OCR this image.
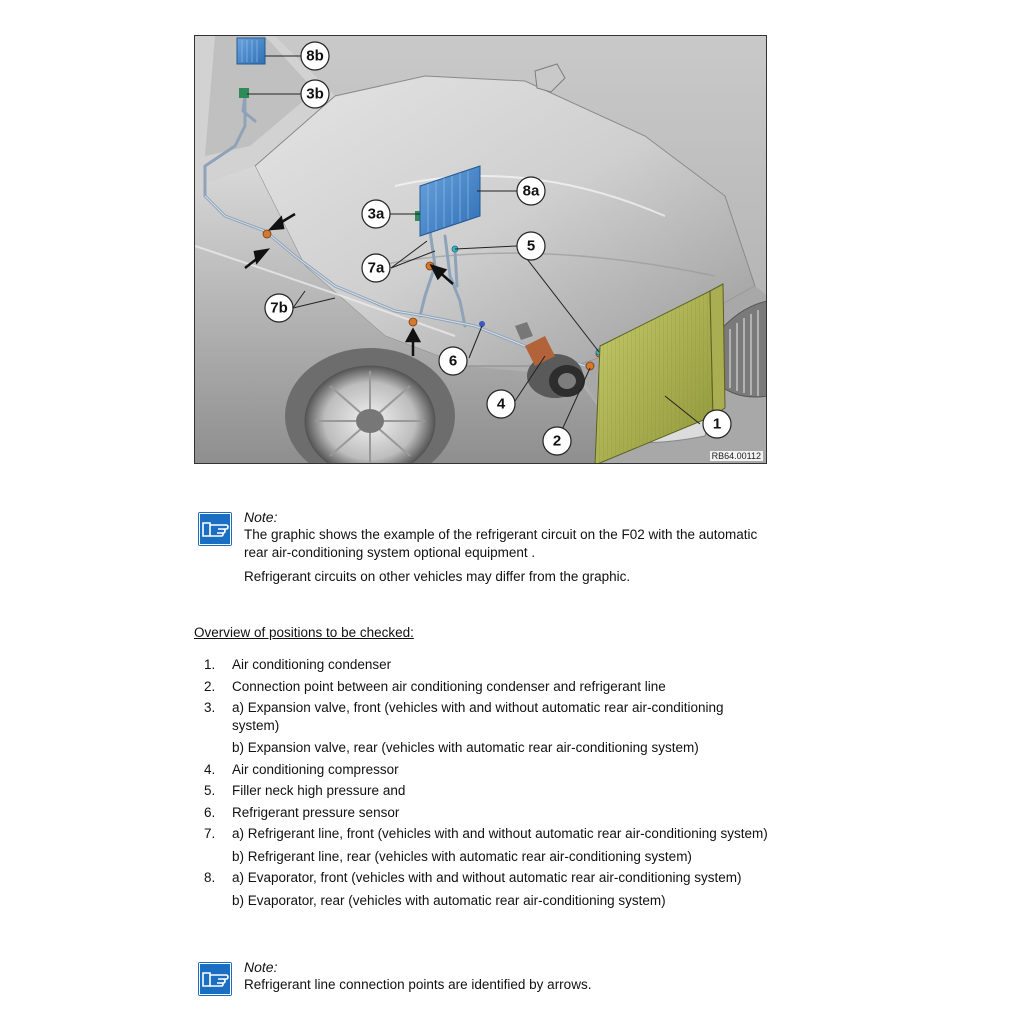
8b
3b
8a
3a
5
7a
7b
6
4
1
2
RB64.00112
Note:
The graphic shows the example of the refrigerant circuit on the F02 with the automatic rear air-conditioning system optional equipment .
Refrigerant circuits on other vehicles may differ from the graphic.
Overview of positions to be checked:
1. Air conditioning condenser
2. Connection point between air conditioning condenser and refrigerant line
3. a) Expansion valve, front (vehicles with and without automatic rear air-conditioning system)
b) Expansion valve, rear (vehicles with automatic rear air-conditioning system)
4. Air conditioning compressor
5. Filler neck high pressure and
6. Refrigerant pressure sensor
7. a) Refrigerant line, front (vehicles with and without automatic rear air-conditioning system)
b) Refrigerant line, rear (vehicles with automatic rear air-conditioning system)
8. a) Evaporator, front (vehicles with and without automatic rear air-conditioning system)
b) Evaporator, rear (vehicles with automatic rear air-conditioning system)
Note:
Refrigerant line connection points are identified by arrows.
